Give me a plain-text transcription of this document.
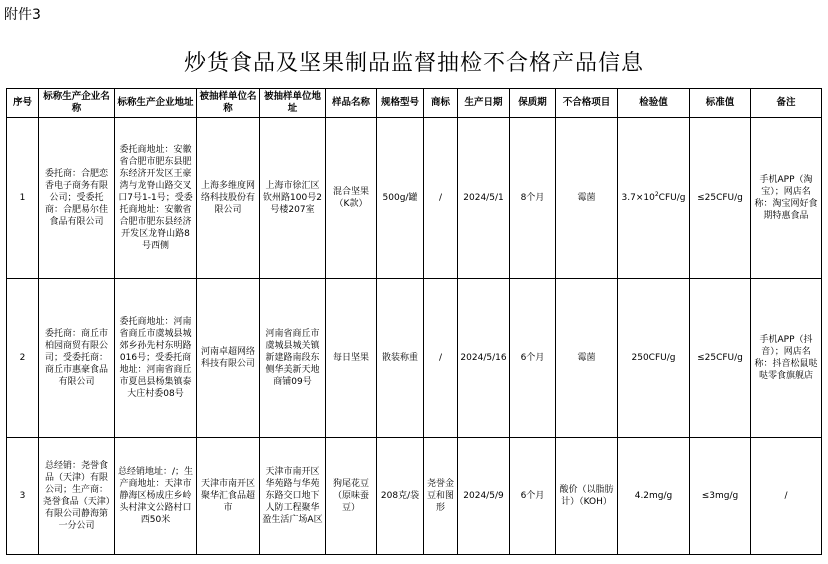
附件3
炒货食品及坚果制品监督抽检不合格产品信息
序号	标称生产企业名称	标称生产企业地址	被抽样单位名称	被抽样单位地址	样品名称	规格型号	商标	生产日期	保质期	不合格项目	检验值	标准值	备注
1	委托商：合肥恋香电子商务有限公司；受委托商：合肥易尔佳食品有限公司	委托商地址：安徽省合肥市肥东县肥东经济开发区王豪湾与龙脊山路交叉口7号1-1号；受委托商地址：安徽省合肥市肥东县经济开发区龙脊山路8号西侧	上海多维度网络科技股份有限公司	上海市徐汇区钦州路100号2号楼207室	混合坚果（K款）	500g/罐	/	2024/5/1	8个月	霉菌	$3.7\times 10^2CFU/g$	≤25CFU/g	手机APP（淘宝）；网店名称：淘宝网好食期特惠食品
2	委托商：商丘市柏园商贸有限公司；受委托商：商丘市惠豪食品有限公司	委托商地址：河南省商丘市虞城县城郊乡孙先村东明路016号；受委托商地址：河南省商丘市夏邑县杨集镇泰大庄村委08号	河南卓超网络科技有限公司	河南省商丘市虞城县城关镇新建路南段东侧华美新天地商铺09号	每日坚果	散装称重	/	2024/5/16	6个月	霉菌	250CFU/g	≤25CFU/g	手机APP（抖音）；网店名称：抖音松鼠哒哒零食旗舰店
3	总经销：尧誉食品（天津）有限公司；生产商：尧誉食品（天津）有限公司静海第一分公司	总经销地址：/；生产商地址：天津市静海区杨成庄乡岭头村津文公路村口西50米	天津市南开区聚华汇食品超市	天津市南开区华苑路与华苑东路交口地下人防工程聚华盈生活广场A区	狗尾花豆（原味蚕豆）	208克/袋	尧誉金豆和图形	2024/5/9	6个月	酸价（以脂肪计）（KOH）	4.2mg/g	≤3mg/g	/
